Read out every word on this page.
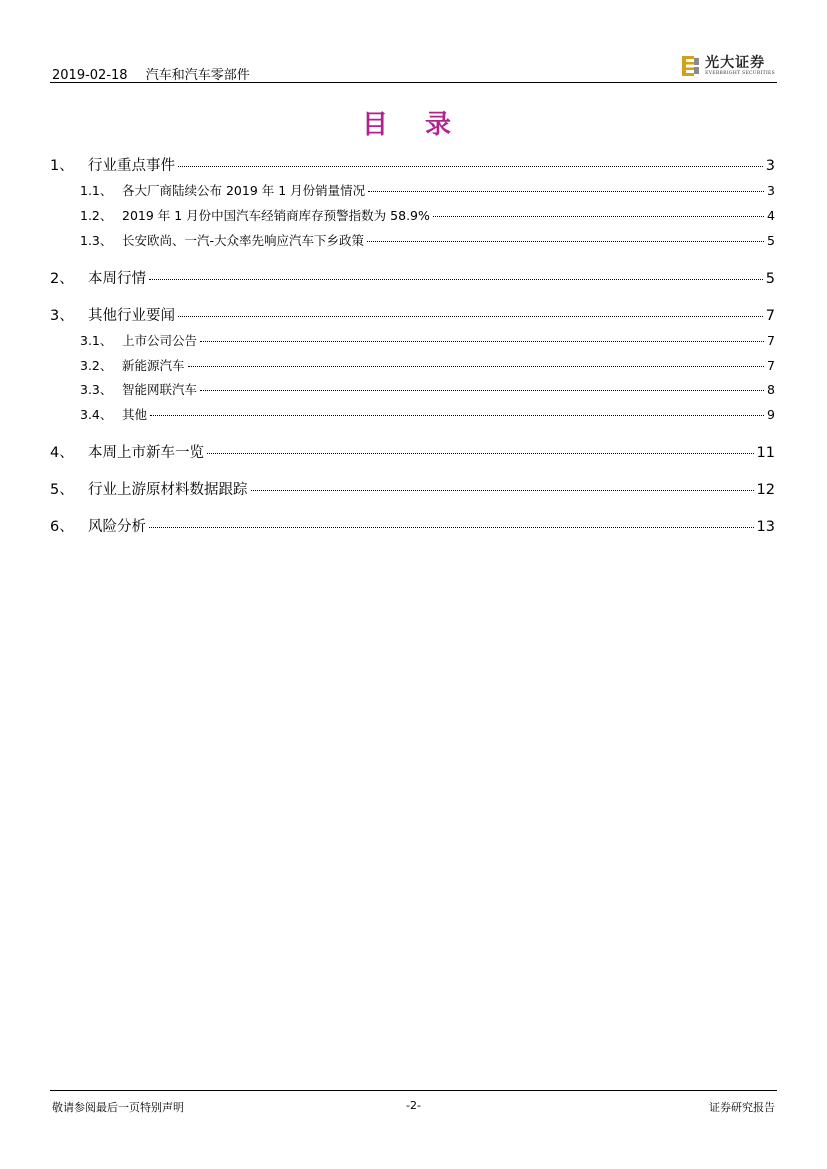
2019-02-18 汽车和汽车零部件
光大证券
EVERBRIGHT SECURITIES
目 录
1、 行业重点事件	3
1.1、 各大厂商陆续公布 2019 年 1 月份销量情况	3
1.2、 2019 年 1 月份中国汽车经销商库存预警指数为 58.9%	4
1.3、 长安欧尚、一汽-大众率先响应汽车下乡政策	5
2、 本周行情	5
3、 其他行业要闻	7
3.1、 上市公司公告	7
3.2、 新能源汽车	7
3.3、 智能网联汽车	8
3.4、 其他	9
4、 本周上市新车一览	11
5、 行业上游原材料数据跟踪	12
6、 风险分析	13
敬请参阅最后一页特别声明	-2-	证券研究报告
